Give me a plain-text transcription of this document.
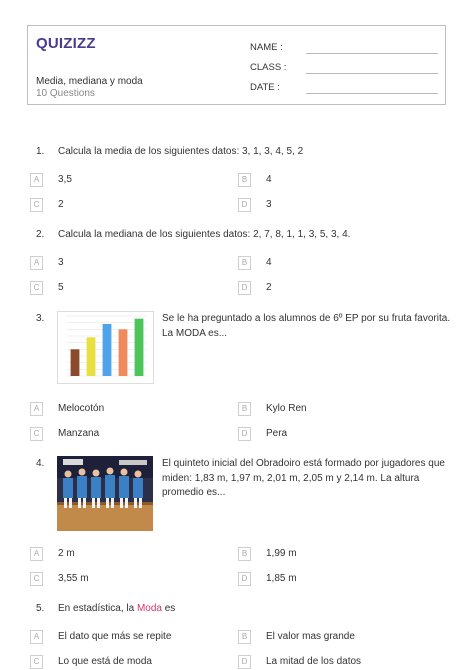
QUIZIZZ
Media, mediana y moda
10 Questions
NAME :
CLASS :
DATE :
1. Calcula la media de los siguientes datos: 3, 1, 3, 4, 5, 2
A	3,5	B	4
C	2	D	3
2. Calcula la mediana de los siguientes datos: 2, 7, 8, 1, 1, 3, 5, 3, 4.
A	3	B	4
C	5	D	2
3.	Se le ha preguntado a los alumnos de 6º EP por su fruta favorita.
La MODA es...
A	Melocotón	B	Kylo Ren
C	Manzana	D	Pera
4.	El quinteto inicial del Obradoiro está formado por jugadores que
miden: 1,83 m, 1,97 m, 2,01 m, 2,05 m y 2,14 m. La altura
promedio es...
A	2 m	B	1,99 m
C	3,55 m	D	1,85 m
5. En estadística, la Moda es
A	El dato que más se repite	B	El valor mas grande
C	Lo que está de moda	D	La mitad de los datos
